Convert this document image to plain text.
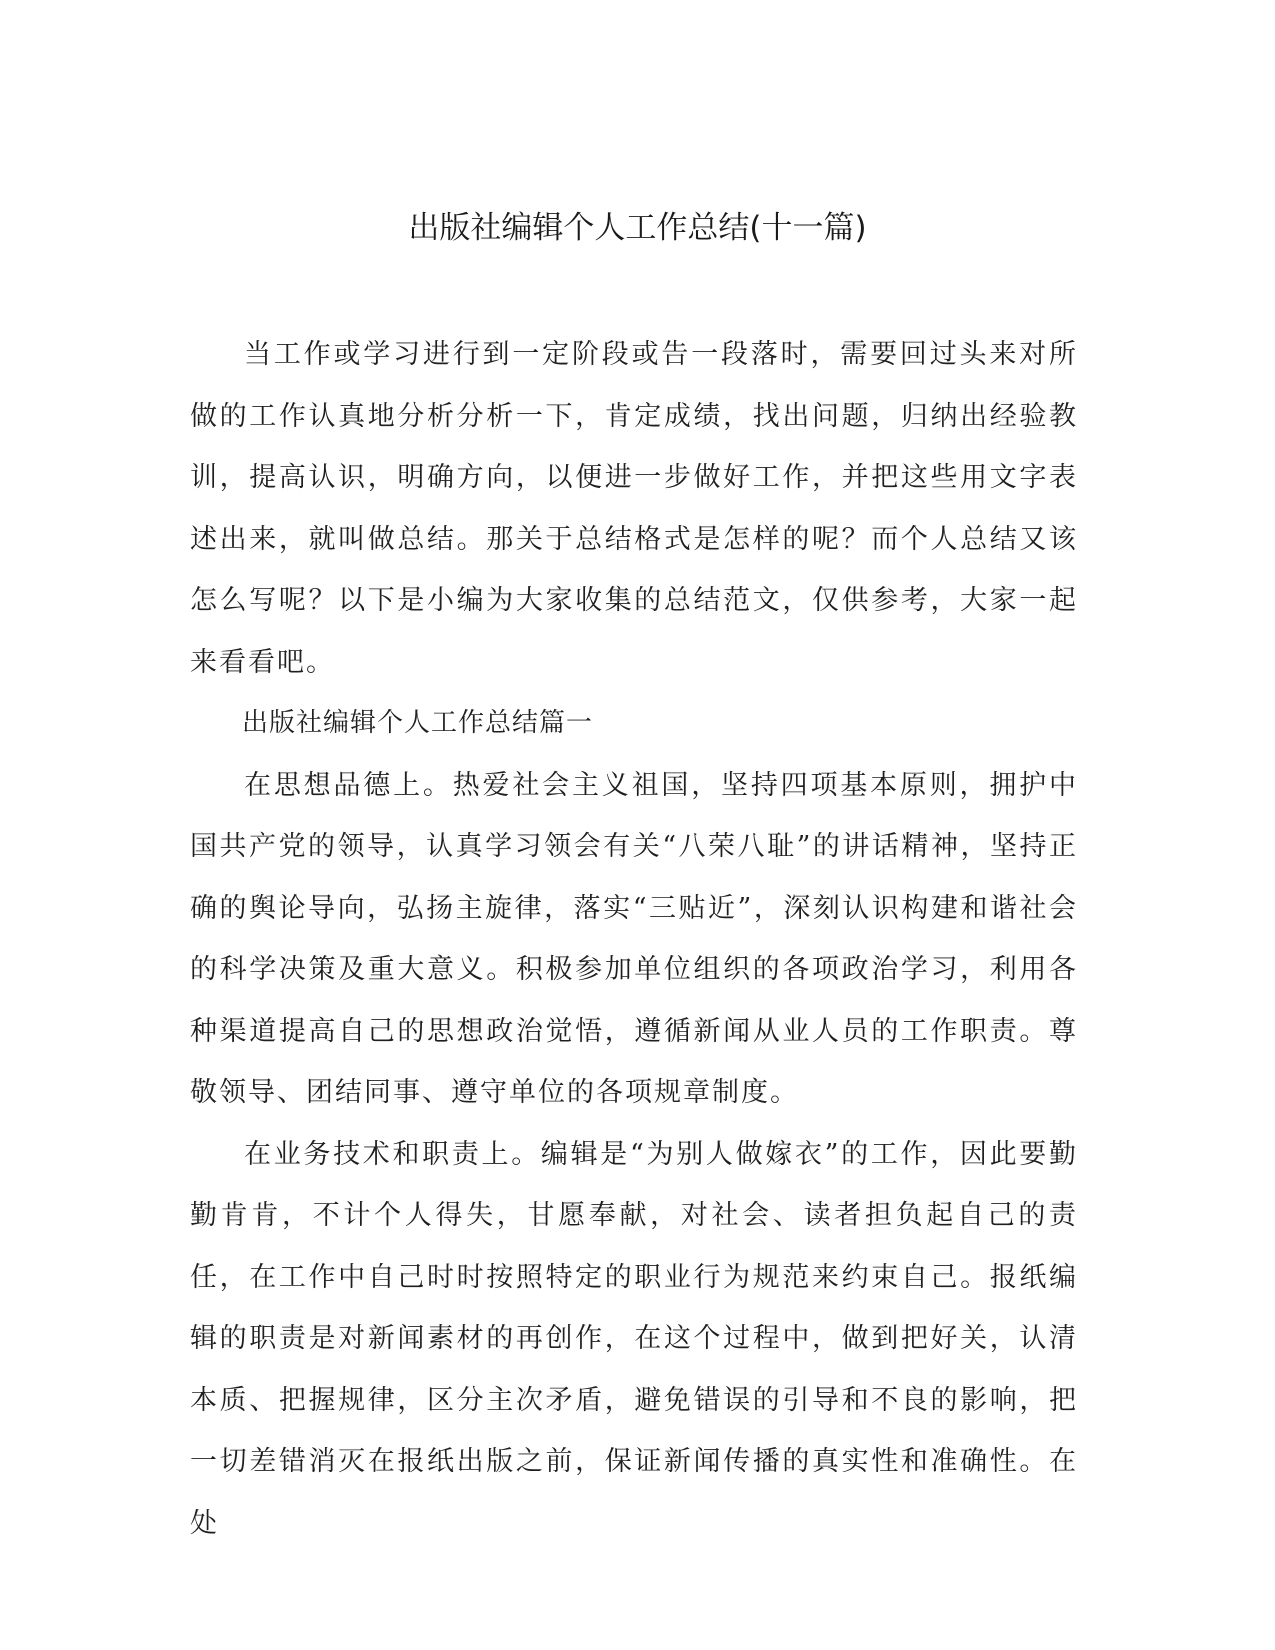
出版社编辑个人工作总结(十一篇)

当工作或学习进行到一定阶段或告一段落时，需要回过头来对所做的工作认真地分析分析一下，肯定成绩，找出问题，归纳出经验教训，提高认识，明确方向，以便进一步做好工作，并把这些用文字表述出来，就叫做总结。那关于总结格式是怎样的呢？而个人总结又该怎么写呢？以下是小编为大家收集的总结范文，仅供参考，大家一起来看看吧。

出版社编辑个人工作总结篇一

在思想品德上。热爱社会主义祖国，坚持四项基本原则，拥护中国共产党的领导，认真学习领会有关“八荣八耻”的讲话精神，坚持正确的舆论导向，弘扬主旋律，落实“三贴近”，深刻认识构建和谐社会的科学决策及重大意义。积极参加单位组织的各项政治学习，利用各种渠道提高自己的思想政治觉悟，遵循新闻从业人员的工作职责。尊敬领导、团结同事、遵守单位的各项规章制度。

在业务技术和职责上。编辑是“为别人做嫁衣”的工作，因此要勤勤肯肯，不计个人得失，甘愿奉献，对社会、读者担负起自己的责任，在工作中自己时时按照特定的职业行为规范来约束自己。报纸编辑的职责是对新闻素材的再创作，在这个过程中，做到把好关，认清本质、把握规律，区分主次矛盾，避免错误的引导和不良的影响，把一切差错消灭在报纸出版之前，保证新闻传播的真实性和准确性。在处
